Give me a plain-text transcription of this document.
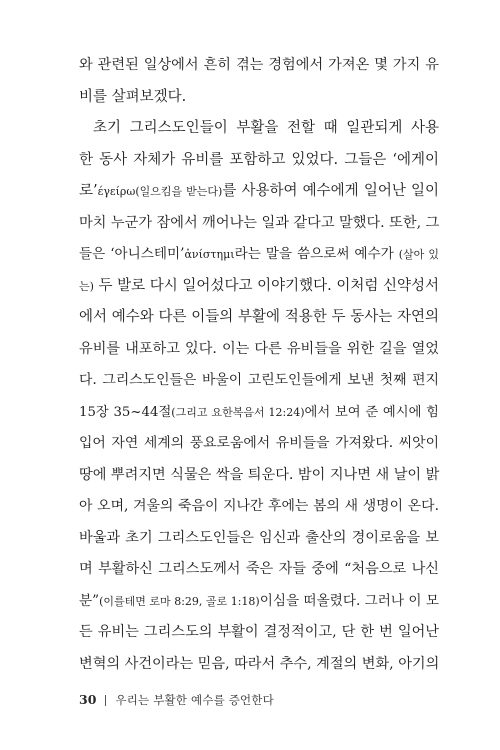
와 관련된 일상에서 흔히 겪는 경험에서 가져온 몇 가지 유
비를 살펴보겠다.
초기 그리스도인들이 부활을 전할 때 일관되게 사용
한 동사 자체가 유비를 포함하고 있었다. 그들은 ‘에게이
로’έγείρω(일으킴을 받는다)를 사용하여 예수에게 일어난 일이
마치 누군가 잠에서 깨어나는 일과 같다고 말했다. 또한, 그
들은 ‘아니스테미’ἀνίστημι라는 말을 씀으로써 예수가 (살아 있
는) 두 발로 다시 일어섰다고 이야기했다. 이처럼 신약성서
에서 예수와 다른 이들의 부활에 적용한 두 동사는 자연의
유비를 내포하고 있다. 이는 다른 유비들을 위한 길을 열었
다. 그리스도인들은 바울이 고린도인들에게 보낸 첫째 편지
15장 35~44절(그리고 요한복음서 12:24)에서 보여 준 예시에 힘
입어 자연 세계의 풍요로움에서 유비들을 가져왔다. 씨앗이
땅에 뿌려지면 식물은 싹을 틔운다. 밤이 지나면 새 날이 밝
아 오며, 겨울의 죽음이 지나간 후에는 봄의 새 생명이 온다.
바울과 초기 그리스도인들은 임신과 출산의 경이로움을 보
며 부활하신 그리스도께서 죽은 자들 중에 “처음으로 나신
분”(이를테면 로마 8:29, 골로 1:18)이심을 떠올렸다. 그러나 이 모
든 유비는 그리스도의 부활이 결정적이고, 단 한 번 일어난
변혁의 사건이라는 믿음, 따라서 추수, 계절의 변화, 아기의
30 우리는 부활한 예수를 증언한다
